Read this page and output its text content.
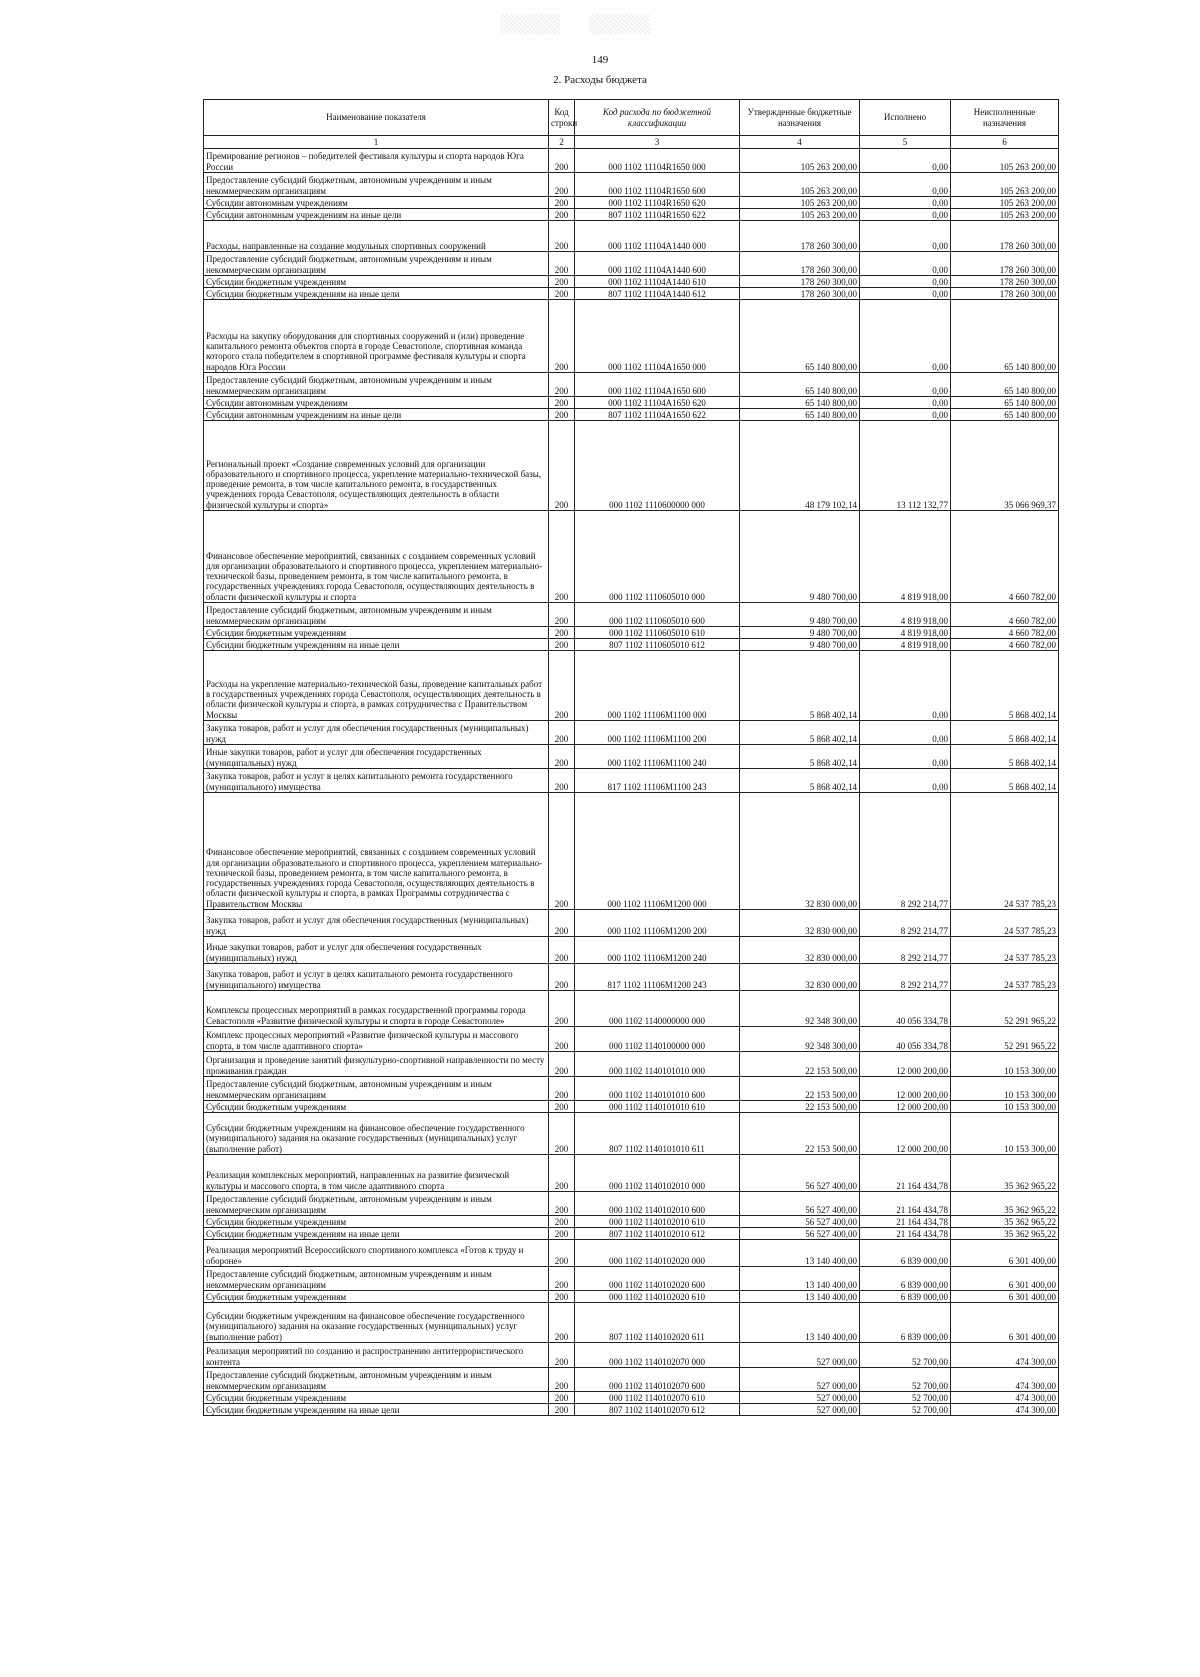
149
2. Расходы бюджета
Наименование показателя	Код строки	Код расхода по бюджетной классификации	Утвержденные бюджетные назначения	Исполнено	Неисполненные назначения
1	2	3	4	5	6
Премирование регионов – победителей фестиваля культуры и спорта народов Юга России	200	000 1102 11104R1650 000	105 263 200,00	0,00	105 263 200,00
Предоставление субсидий бюджетным, автономным учреждениям и иным некоммерческим организациям	200	000 1102 11104R1650 600	105 263 200,00	0,00	105 263 200,00
Субсидии автономным учреждениям	200	000 1102 11104R1650 620	105 263 200,00	0,00	105 263 200,00
Субсидии автономным учреждениям на иные цели	200	807 1102 11104R1650 622	105 263 200,00	0,00	105 263 200,00
Расходы, направленные на создание модульных спортивных сооружений	200	000 1102 11104A1440 000	178 260 300,00	0,00	178 260 300,00
Предоставление субсидий бюджетным, автономным учреждениям и иным некоммерческим организациям	200	000 1102 11104A1440 600	178 260 300,00	0,00	178 260 300,00
Субсидии бюджетным учреждениям	200	000 1102 11104A1440 610	178 260 300,00	0,00	178 260 300,00
Субсидии бюджетным учреждениям на иные цели	200	807 1102 11104A1440 612	178 260 300,00	0,00	178 260 300,00
Расходы на закупку оборудования для спортивных сооружений и (или) проведение капитального ремонта объектов спорта в городе Севастополе, спортивная команда которого стала победителем в спортивной программе фестиваля культуры и спорта народов Юга России	200	000 1102 11104A1650 000	65 140 800,00	0,00	65 140 800,00
Предоставление субсидий бюджетным, автономным учреждениям и иным некоммерческим организациям	200	000 1102 11104A1650 600	65 140 800,00	0,00	65 140 800,00
Субсидии автономным учреждениям	200	000 1102 11104A1650 620	65 140 800,00	0,00	65 140 800,00
Субсидии автономным учреждениям на иные цели	200	807 1102 11104A1650 622	65 140 800,00	0,00	65 140 800,00
Региональный проект «Создание современных условий для организации образовательного и спортивного процесса, укрепление материально-технической базы, проведение ремонта, в том числе капитального ремонта, в государственных учреждениях города Севастополя, осуществляющих деятельность в области физической культуры и спорта»	200	000 1102 1110600000 000	48 179 102,14	13 112 132,77	35 066 969,37
Финансовое обеспечение мероприятий, связанных с созданием современных условий для организации образовательного и спортивного процесса, укреплением материально-технической базы, проведением ремонта, в том числе капитального ремонта, в государственных учреждениях города Севастополя, осуществляющих деятельность в области физической культуры и спорта	200	000 1102 1110605010 000	9 480 700,00	4 819 918,00	4 660 782,00
Предоставление субсидий бюджетным, автономным учреждениям и иным некоммерческим организациям	200	000 1102 1110605010 600	9 480 700,00	4 819 918,00	4 660 782,00
Субсидии бюджетным учреждениям	200	000 1102 1110605010 610	9 480 700,00	4 819 918,00	4 660 782,00
Субсидии бюджетным учреждениям на иные цели	200	807 1102 1110605010 612	9 480 700,00	4 819 918,00	4 660 782,00
Расходы на укрепление материально-технической базы, проведение капитальных работ в государственных учреждениях города Севастополя, осуществляющих деятельность в области физической культуры и спорта, в рамках сотрудничества с Правительством Москвы	200	000 1102 11106M1100 000	5 868 402,14	0,00	5 868 402,14
Закупка товаров, работ и услуг для обеспечения государственных (муниципальных) нужд	200	000 1102 11106M1100 200	5 868 402,14	0,00	5 868 402,14
Иные закупки товаров, работ и услуг для обеспечения государственных (муниципальных) нужд	200	000 1102 11106M1100 240	5 868 402,14	0,00	5 868 402,14
Закупка товаров, работ и услуг в целях капитального ремонта государственного (муниципального) имущества	200	817 1102 11106M1100 243	5 868 402,14	0,00	5 868 402,14
Финансовое обеспечение мероприятий, связанных с созданием современных условий для организации образовательного и спортивного процесса, укреплением материально-технической базы, проведением ремонта, в том числе капитального ремонта, в государственных учреждениях города Севастополя, осуществляющих деятельность в области физической культуры и спорта, в рамках Программы сотрудничества с Правительством Москвы	200	000 1102 11106M1200 000	32 830 000,00	8 292 214,77	24 537 785,23
Закупка товаров, работ и услуг для обеспечения государственных (муниципальных) нужд	200	000 1102 11106M1200 200	32 830 000,00	8 292 214,77	24 537 785,23
Иные закупки товаров, работ и услуг для обеспечения государственных (муниципальных) нужд	200	000 1102 11106M1200 240	32 830 000,00	8 292 214,77	24 537 785,23
Закупка товаров, работ и услуг в целях капитального ремонта государственного (муниципального) имущества	200	817 1102 11106M1200 243	32 830 000,00	8 292 214,77	24 537 785,23
Комплексы процессных мероприятий в рамках государственной программы города Севастополя «Развитие физической культуры и спорта в городе Севастополе»	200	000 1102 1140000000 000	92 348 300,00	40 056 334,78	52 291 965,22
Комплекс процессных мероприятий «Развитие физической культуры и массового спорта, в том числе адаптивного спорта»	200	000 1102 1140100000 000	92 348 300,00	40 056 334,78	52 291 965,22
Организация и проведение занятий физкультурно-спортивной направленности по месту проживания граждан	200	000 1102 1140101010 000	22 153 500,00	12 000 200,00	10 153 300,00
Предоставление субсидий бюджетным, автономным учреждениям и иным некоммерческим организациям	200	000 1102 1140101010 600	22 153 500,00	12 000 200,00	10 153 300,00
Субсидии бюджетным учреждениям	200	000 1102 1140101010 610	22 153 500,00	12 000 200,00	10 153 300,00
Субсидии бюджетным учреждениям на финансовое обеспечение государственного (муниципального) задания на оказание государственных (муниципальных) услуг (выполнение работ)	200	807 1102 1140101010 611	22 153 500,00	12 000 200,00	10 153 300,00
Реализация комплексных мероприятий, направленных на развитие физической культуры и массового спорта, в том числе адаптивного спорта	200	000 1102 1140102010 000	56 527 400,00	21 164 434,78	35 362 965,22
Предоставление субсидий бюджетным, автономным учреждениям и иным некоммерческим организациям	200	000 1102 1140102010 600	56 527 400,00	21 164 434,78	35 362 965,22
Субсидии бюджетным учреждениям	200	000 1102 1140102010 610	56 527 400,00	21 164 434,78	35 362 965,22
Субсидии бюджетным учреждениям на иные цели	200	807 1102 1140102010 612	56 527 400,00	21 164 434,78	35 362 965,22
Реализация мероприятий Всероссийского спортивного комплекса «Готов к труду и обороне»	200	000 1102 1140102020 000	13 140 400,00	6 839 000,00	6 301 400,00
Предоставление субсидий бюджетным, автономным учреждениям и иным некоммерческим организациям	200	000 1102 1140102020 600	13 140 400,00	6 839 000,00	6 301 400,00
Субсидии бюджетным учреждениям	200	000 1102 1140102020 610	13 140 400,00	6 839 000,00	6 301 400,00
Субсидии бюджетным учреждениям на финансовое обеспечение государственного (муниципального) задания на оказание государственных (муниципальных) услуг (выполнение работ)	200	807 1102 1140102020 611	13 140 400,00	6 839 000,00	6 301 400,00
Реализация мероприятий по созданию и распространению антитеррористического контента	200	000 1102 1140102070 000	527 000,00	52 700,00	474 300,00
Предоставление субсидий бюджетным, автономным учреждениям и иным некоммерческим организациям	200	000 1102 1140102070 600	527 000,00	52 700,00	474 300,00
Субсидии бюджетным учреждениям	200	000 1102 1140102070 610	527 000,00	52 700,00	474 300,00
Субсидии бюджетным учреждениям на иные цели	200	807 1102 1140102070 612	527 000,00	52 700,00	474 300,00
